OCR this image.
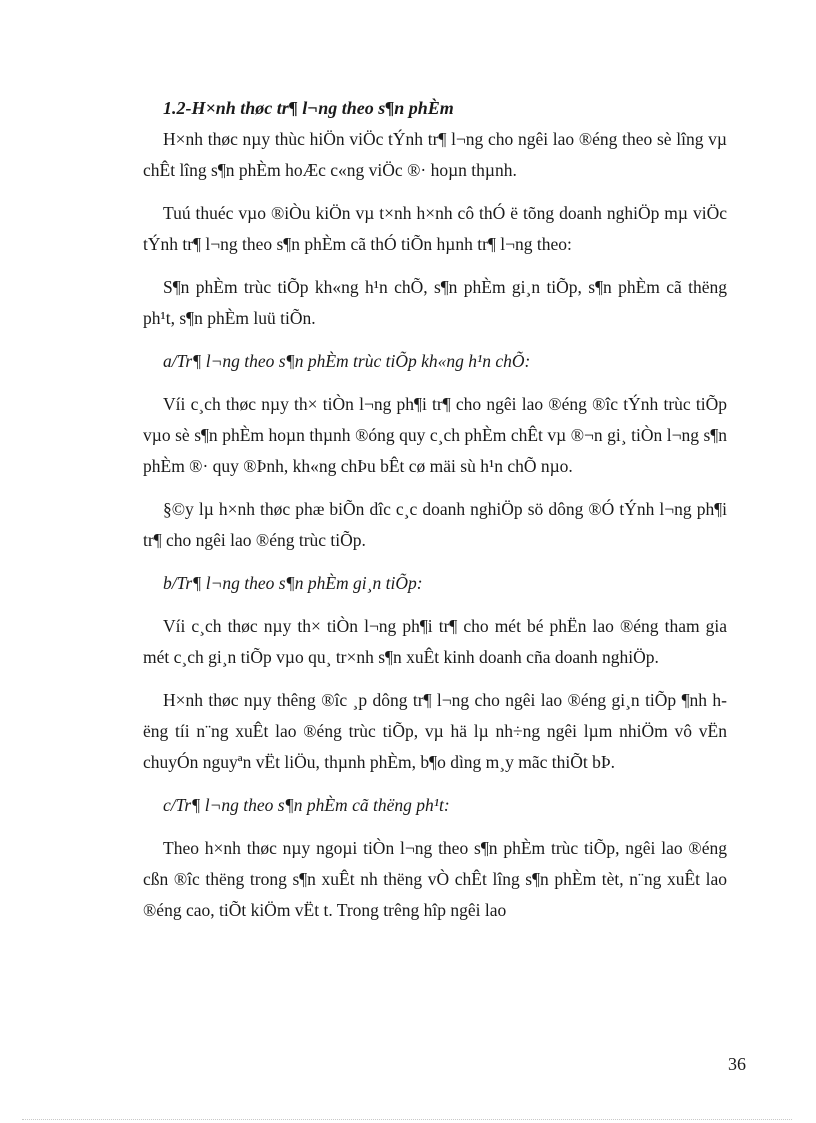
1.2-H×nh thøc tr¶ l¬ng theo s¶n phÈm

H×nh thøc nµy thùc hiÖn viÖc tÝnh tr¶ l¬ng cho ngêi lao ®éng theo sè lîng vµ chÊt lîng s¶n phÈm hoÆc c«ng viÖc ®· hoµn thµnh.

Tuú thuéc vµo ®iÒu kiÖn vµ t×nh h×nh cô thÓ ë tõng doanh nghiÖp mµ viÖc tÝnh tr¶ l¬ng theo s¶n phÈm cã thÓ tiÕn hµnh tr¶ l¬ng theo:

S¶n phÈm trùc tiÕp kh«ng h¹n chÕ, s¶n phÈm gi¸n tiÕp, s¶n phÈm cã thëng ph¹t, s¶n phÈm luü tiÕn.

a/Tr¶ l¬ng theo s¶n phÈm trùc tiÕp kh«ng h¹n chÕ:

Víi c¸ch thøc nµy th× tiÒn l¬ng ph¶i tr¶ cho ngêi lao ®éng ®îc tÝnh trùc tiÕp vµo sè s¶n phÈm hoµn thµnh ®óng quy c¸ch phÈm chÊt vµ ®¬n gi¸ tiÒn l¬ng s¶n phÈm ®· quy ®Þnh, kh«ng chÞu bÊt cø mäi sù h¹n chÕ nµo.

§©y lµ h×nh thøc phæ biÕn dîc c¸c doanh nghiÖp sö dông ®Ó tÝnh l¬ng ph¶i tr¶ cho ngêi lao ®éng trùc tiÕp.

b/Tr¶ l¬ng theo s¶n phÈm gi¸n tiÕp:

Víi c¸ch thøc nµy th× tiÒn l¬ng ph¶i tr¶ cho mét bé phËn lao ®éng tham gia mét c¸ch gi¸n tiÕp vµo qu¸ tr×nh s¶n xuÊt kinh doanh cña doanh nghiÖp.

H×nh thøc nµy thêng ®îc ¸p dông tr¶ l¬ng cho ngêi lao ®éng gi¸n tiÕp ¶nh hëng tíi n¨ng xuÊt lao ®éng trùc tiÕp, vµ hä lµ nh÷ng ngêi lµm nhiÖm vô vËn chuyÓn nguyªn vËt liÖu, thµnh phÈm, b¶o dìng m¸y mãc thiÕt bÞ.

c/Tr¶ l¬ng theo s¶n phÈm cã thëng ph¹t:

Theo h×nh thøc nµy ngoµi tiÒn l¬ng theo s¶n phÈm trùc tiÕp, ngêi lao ®éng cßn ®îc thëng trong s¶n xuÊt nh thëng vÒ chÊt lîng s¶n phÈm tèt, n¨ng xuÊt lao ®éng cao, tiÕt kiÖm vËt t. Trong trêng hîp ngêi lao

36
